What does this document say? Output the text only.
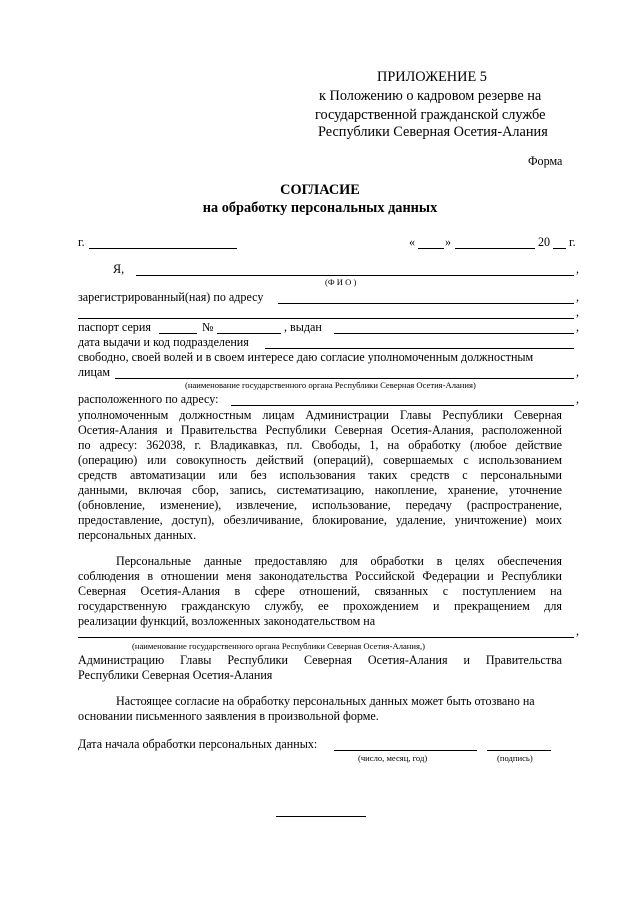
ПРИЛОЖЕНИЕ 5
к Положению о кадровом резерве на
государственной гражданской службе
Республики Северная Осетия-Алания
Форма
СОГЛАСИЕ
на обработку персональных данных
г.	« »	20 г.
Я,	,
(Ф И О )
зарегистрированный(ная) по адресу	,
,
паспорт серия	№	, выдан	,
дата выдачи и код подразделения
свободно, своей волей и в своем интересе даю согласие уполномоченным должностным
лицам	,
(наименование государственного органа Республики Северная Осетия-Алания)
расположенного по адресу:	,
уполномоченным должностным лицам Администрации Главы Республики Северная
Осетия-Алания и Правительства Республики Северная Осетия-Алания, расположенной
по адресу: 362038, г. Владикавказ, пл. Свободы, 1, на обработку (любое действие
(операцию) или совокупность действий (операций), совершаемых с использованием
средств автоматизации или без использования таких средств с персональными
данными, включая сбор, запись, систематизацию, накопление, хранение, уточнение
(обновление, изменение), извлечение, использование, передачу (распространение,
предоставление, доступ), обезличивание, блокирование, удаление, уничтожение) моих
персональных данных.
Персональные данные предоставляю для обработки в целях обеспечения
соблюдения в отношении меня законодательства Российской Федерации и Республики
Северная Осетия-Алания в сфере отношений, связанных с поступлением на
государственную гражданскую службу, ее прохождением и прекращением для
реализации функций, возложенных законодательством на
,
(наименование государственного органа Республики Северная Осетия-Алания,)
Администрацию Главы Республики Северная Осетия-Алания и Правительства
Республики Северная Осетия-Алания
Настоящее согласие на обработку персональных данных может быть отозвано на
основании письменного заявления в произвольной форме.
Дата начала обработки персональных данных:
(число, месяц, год)	(подпись)
